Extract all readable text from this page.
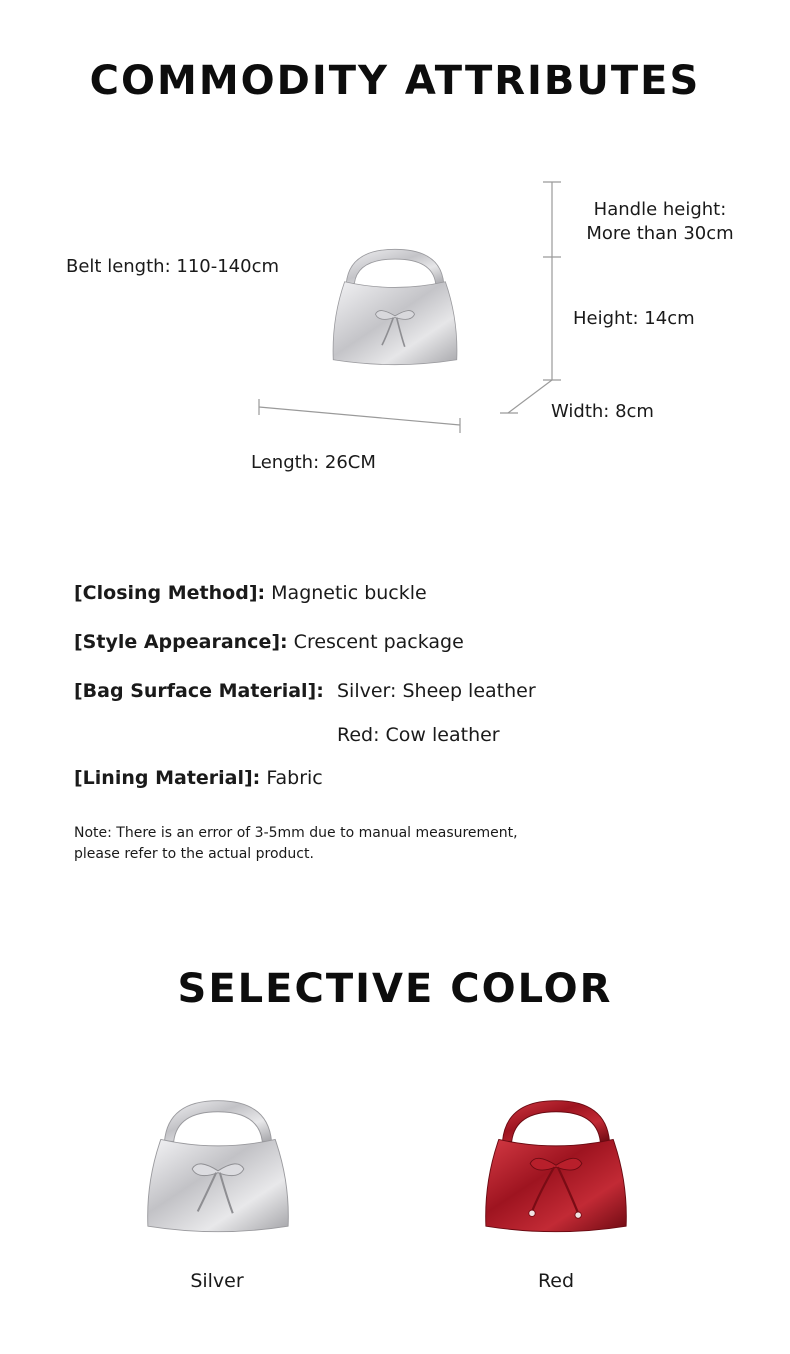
COMMODITY ATTRIBUTES
Belt length: 110-140cm
Handle height:
More than 30cm
Height: 14cm
Width: 8cm
Length: 26CM
[Closing Method]: Magnetic buckle
[Style Appearance]: Crescent package
[Bag Surface Material]: Silver: Sheep leather
Red: Cow leather
[Lining Material]: Fabric
Note: There is an error of 3-5mm due to manual measurement,
please refer to the actual product.
SELECTIVE COLOR
Silver	Red
